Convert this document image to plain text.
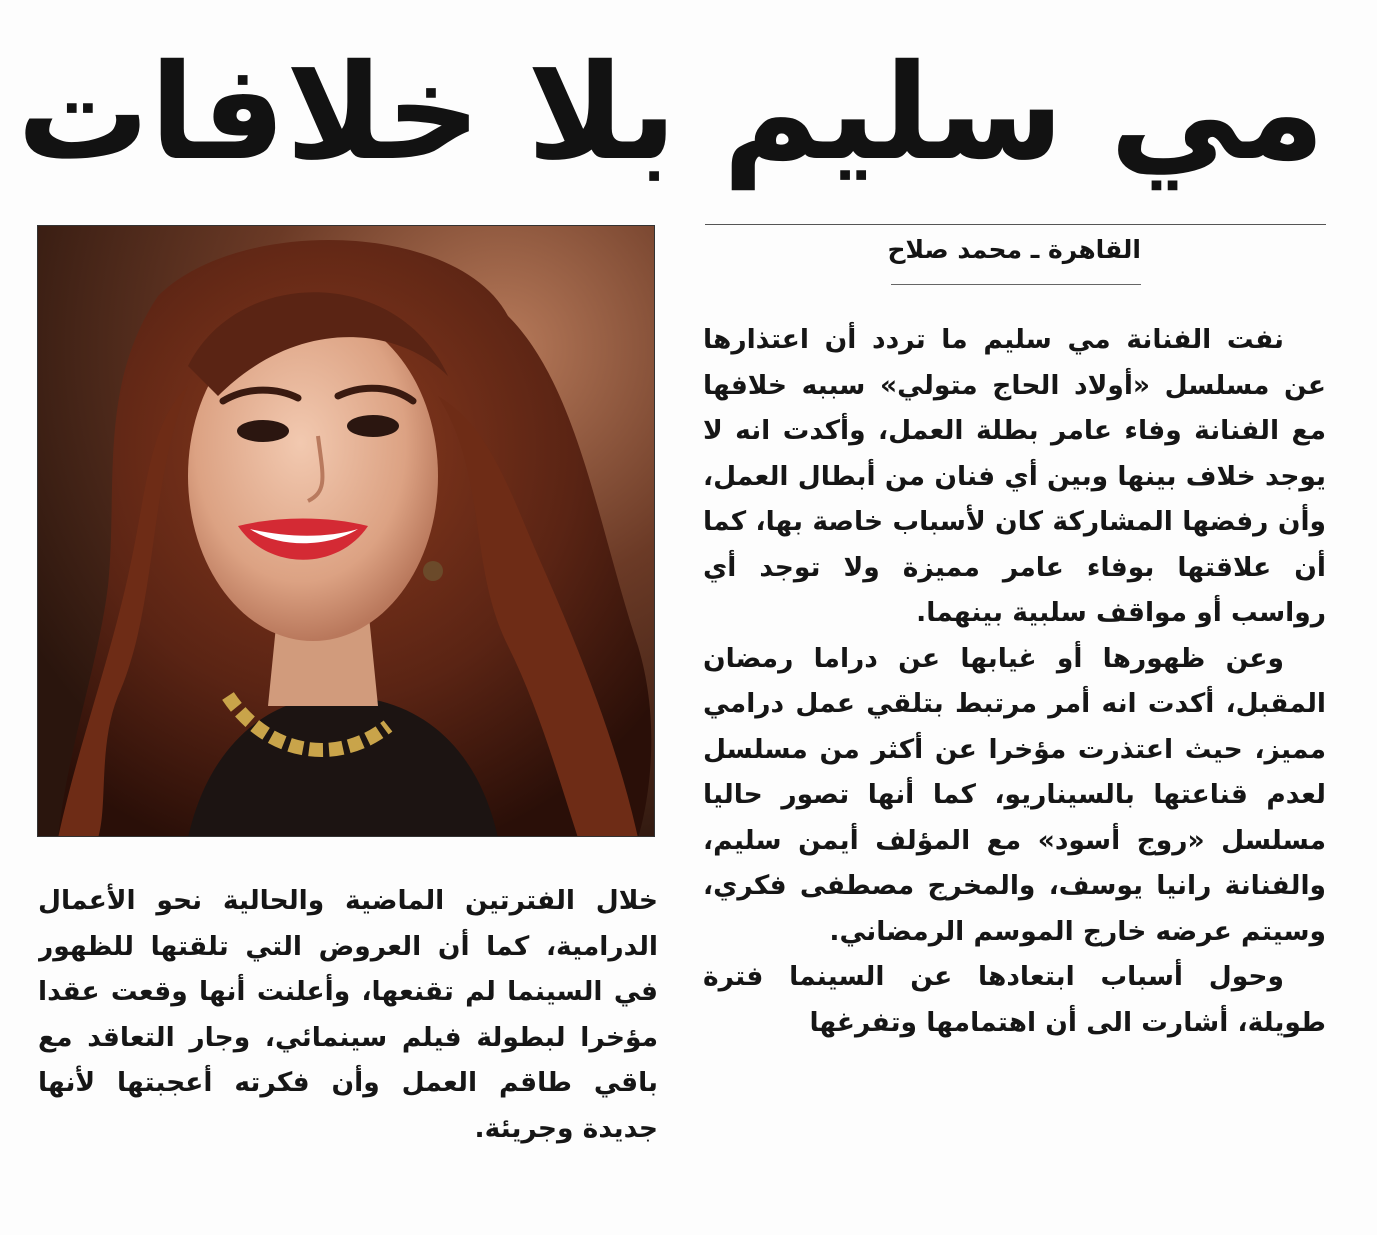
مي سليم بلا خلافات
القاهرة ـ محمد صلاح

نفت الفنانة مي سليم ما تردد أن اعتذارها عن مسلسل «أولاد الحاج متولي» سببه خلافها مع الفنانة وفاء عامر بطلة العمل، وأكدت انه لا يوجد خلاف بينها وبين أي فنان من أبطال العمل، وأن رفضها المشاركة كان لأسباب خاصة بها، كما أن علاقتها بوفاء عامر مميزة ولا توجد أي رواسب أو مواقف سلبية بينهما.

وعن ظهورها أو غيابها عن دراما رمضان المقبل، أكدت انه أمر مرتبط بتلقي عمل درامي مميز، حيث اعتذرت مؤخرا عن أكثر من مسلسل لعدم قناعتها بالسيناريو، كما أنها تصور حاليا مسلسل «روج أسود» مع المؤلف أيمن سليم، والفنانة رانيا يوسف، والمخرج مصطفى فكري، وسيتم عرضه خارج الموسم الرمضاني.

وحول أسباب ابتعادها عن السينما فترة طويلة، أشارت الى أن اهتمامها وتفرغها

خلال الفترتين الماضية والحالية نحو الأعمال الدرامية، كما أن العروض التي تلقتها للظهور في السينما لم تقنعها، وأعلنت أنها وقعت عقدا مؤخرا لبطولة فيلم سينمائي، وجار التعاقد مع باقي طاقم العمل وأن فكرته أعجبتها لأنها جديدة وجريئة.
